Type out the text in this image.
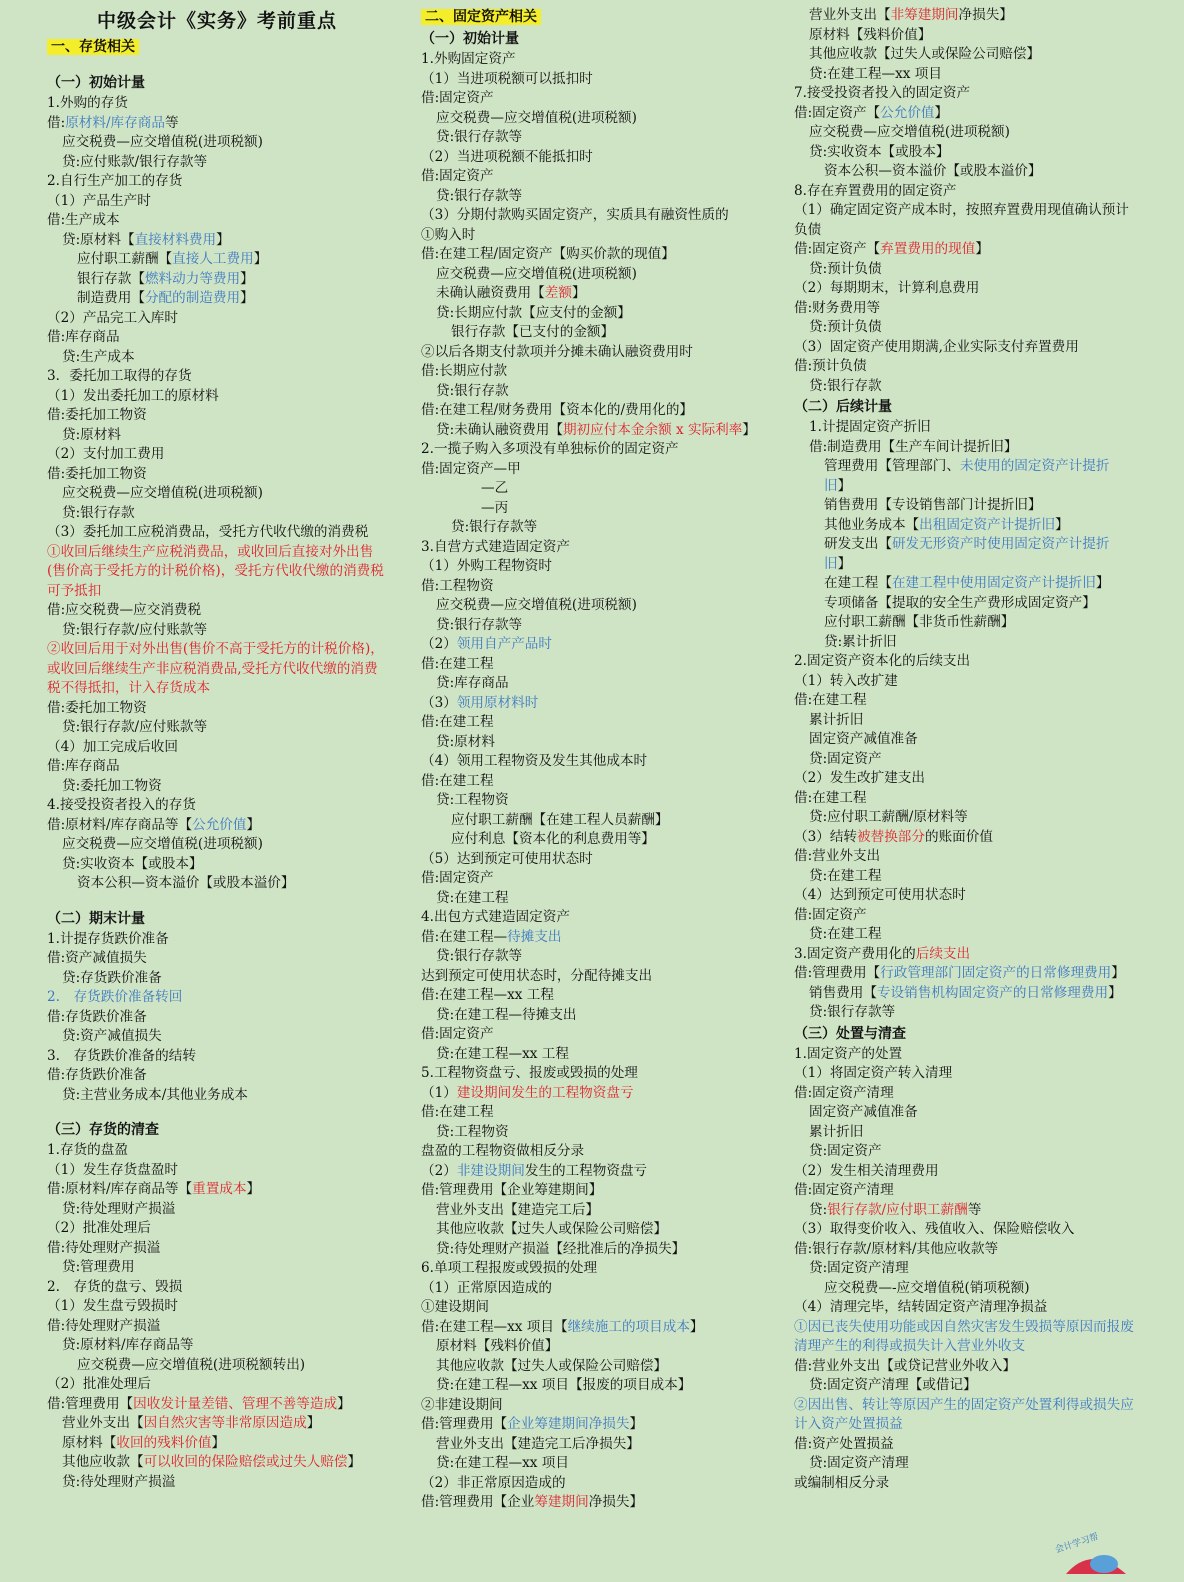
中级会计《实务》考前重点
一、存货相关
（一）初始计量
1.外购的存货
借:原材料/库存商品等
应交税费—应交增值税(进项税额)
贷:应付账款/银行存款等
2.自行生产加工的存货
（1）产品生产时
借:生产成本
贷:原材料【直接材料费用】
应付职工薪酬【直接人工费用】
银行存款【燃料动力等费用】
制造费用【分配的制造费用】
（2）产品完工入库时
借:库存商品
贷:生产成本
3．委托加工取得的存货
（1）发出委托加工的原材料
借:委托加工物资
贷:原材料
（2）支付加工费用
借:委托加工物资
应交税费—应交增值税(进项税额)
贷:银行存款
（3）委托加工应税消费品，受托方代收代缴的消费税
①收回后继续生产应税消费品，或收回后直接对外出售(售价高于受托方的计税价格)，受托方代收代缴的消费税可予抵扣
借:应交税费—应交消费税
贷:银行存款/应付账款等
②收回后用于对外出售(售价不高于受托方的计税价格)，或收回后继续生产非应税消费品,受托方代收代缴的消费税不得抵扣，计入存货成本
借:委托加工物资
贷:银行存款/应付账款等
（4）加工完成后收回
借:库存商品
贷:委托加工物资
4.接受投资者投入的存货
借:原材料/库存商品等【公允价值】
应交税费—应交增值税(进项税额)
贷:实收资本【或股本】
资本公积—资本溢价【或股本溢价】
（二）期末计量
1.计提存货跌价准备
借:资产减值损失
贷:存货跌价准备
2.　存货跌价准备转回
借:存货跌价准备
贷:资产减值损失
3.　存货跌价准备的结转
借:存货跌价准备
贷:主营业务成本/其他业务成本
（三）存货的清查
1.存货的盘盈
（1）发生存货盘盈时
借:原材料/库存商品等【重置成本】
贷:待处理财产损溢
（2）批准处理后
借:待处理财产损溢
贷:管理费用
2.　存货的盘亏、毁损
（1）发生盘亏毁损时
借:待处理财产损溢
贷:原材料/库存商品等
应交税费—应交增值税(进项税额转出)
（2）批准处理后
借:管理费用【因收发计量差错、管理不善等造成】
营业外支出【因自然灾害等非常原因造成】
原材料【收回的残料价值】
其他应收款【可以收回的保险赔偿或过失人赔偿】
贷:待处理财产损溢
二、固定资产相关
（一）初始计量
1.外购固定资产
（1）当进项税额可以抵扣时
借:固定资产
应交税费—应交增值税(进项税额)
贷:银行存款等
（2）当进项税额不能抵扣时
借:固定资产
贷:银行存款等
（3）分期付款购买固定资产，实质具有融资性质的
①购入时
借:在建工程/固定资产【购买价款的现值】
应交税费—应交增值税(进项税额)
未确认融资费用【差额】
贷:长期应付款【应支付的金额】
银行存款【已支付的金额】
②以后各期支付款项并分摊未确认融资费用时
借:长期应付款
贷:银行存款
借:在建工程/财务费用【资本化的/费用化的】
贷:未确认融资费用【期初应付本金余额 x 实际利率】
2.一揽子购入多项没有单独标价的固定资产
借:固定资产—甲
—乙
—丙
贷:银行存款等
3.自营方式建造固定资产
（1）外购工程物资时
借:工程物资
应交税费—应交增值税(进项税额)
贷:银行存款等
（2）领用自产产品时
借:在建工程
贷:库存商品
（3）领用原材料时
借:在建工程
贷:原材料
（4）领用工程物资及发生其他成本时
借:在建工程
贷:工程物资
应付职工薪酬【在建工程人员薪酬】
应付利息【资本化的利息费用等】
（5）达到预定可使用状态时
借:固定资产
贷:在建工程
4.出包方式建造固定资产
借:在建工程—待摊支出
贷:银行存款等
达到预定可使用状态时，分配待摊支出
借:在建工程—xx 工程
贷:在建工程—待摊支出
借:固定资产
贷:在建工程—xx 工程
5.工程物资盘亏、报废或毁损的处理
（1）建设期间发生的工程物资盘亏
借:在建工程
贷:工程物资
盘盈的工程物资做相反分录
（2）非建设期间发生的工程物资盘亏
借:管理费用【企业筹建期间】
营业外支出【建造完工后】
其他应收款【过失人或保险公司赔偿】
贷:待处理财产损溢【经批准后的净损失】
6.单项工程报废或毁损的处理
（1）正常原因造成的
①建设期间
借:在建工程—xx 项目【继续施工的项目成本】
原材料【残料价值】
其他应收款【过失人或保险公司赔偿】
贷:在建工程—xx 项目【报废的项目成本】
②非建设期间
借:管理费用【企业筹建期间净损失】
营业外支出【建造完工后净损失】
贷:在建工程—xx 项目
（2）非正常原因造成的
借:管理费用【企业筹建期间净损失】
营业外支出【非筹建期间净损失】
原材料【残料价值】
其他应收款【过失人或保险公司赔偿】
贷:在建工程—xx 项目
7.接受投资者投入的固定资产
借:固定资产【公允价值】
应交税费—应交增值税(进项税额)
贷:实收资本【或股本】
资本公积—资本溢价【或股本溢价】
8.存在弃置费用的固定资产
（1）确定固定资产成本时，按照弃置费用现值确认预计负债
借:固定资产【弃置费用的现值】
贷:预计负债
（2）每期期末，计算利息费用
借:财务费用等
贷:预计负债
（3）固定资产使用期满,企业实际支付弃置费用
借:预计负债
贷:银行存款
（二）后续计量
1.计提固定资产折旧
借:制造费用【生产车间计提折旧】
管理费用【管理部门、未使用的固定资产计提折旧】
销售费用【专设销售部门计提折旧】
其他业务成本【出租固定资产计提折旧】
研发支出【研发无形资产时使用固定资产计提折旧】
在建工程【在建工程中使用固定资产计提折旧】
专项储备【提取的安全生产费形成固定资产】
应付职工薪酬【非货币性薪酬】
贷:累计折旧
2.固定资产资本化的后续支出
（1）转入改扩建
借:在建工程
累计折旧
固定资产减值准备
贷:固定资产
（2）发生改扩建支出
借:在建工程
贷:应付职工薪酬/原材料等
（3）结转被替换部分的账面价值
借:营业外支出
贷:在建工程
（4）达到预定可使用状态时
借:固定资产
贷:在建工程
3.固定资产费用化的后续支出
借:管理费用【行政管理部门固定资产的日常修理费用】
销售费用【专设销售机构固定资产的日常修理费用】
贷:银行存款等
（三）处置与清查
1.固定资产的处置
（1）将固定资产转入清理
借:固定资产清理
固定资产减值准备
累计折旧
贷:固定资产
（2）发生相关清理费用
借:固定资产清理
贷:银行存款/应付职工薪酬等
（3）取得变价收入、残值收入、保险赔偿收入
借:银行存款/原材料/其他应收款等
贷:固定资产清理
应交税费—-应交增值税(销项税额)
（4）清理完毕，结转固定资产清理净损益
①因已丧失使用功能或因自然灾害发生毁损等原因而报废清理产生的利得或损失计入营业外收支
借:营业外支出【或贷记营业外收入】
贷:固定资产清理【或借记】
②因出售、转让等原因产生的固定资产处置利得或损失应计入资产处置损益
借:资产处置损益
贷:固定资产清理
或编制相反分录
会计学习帮
